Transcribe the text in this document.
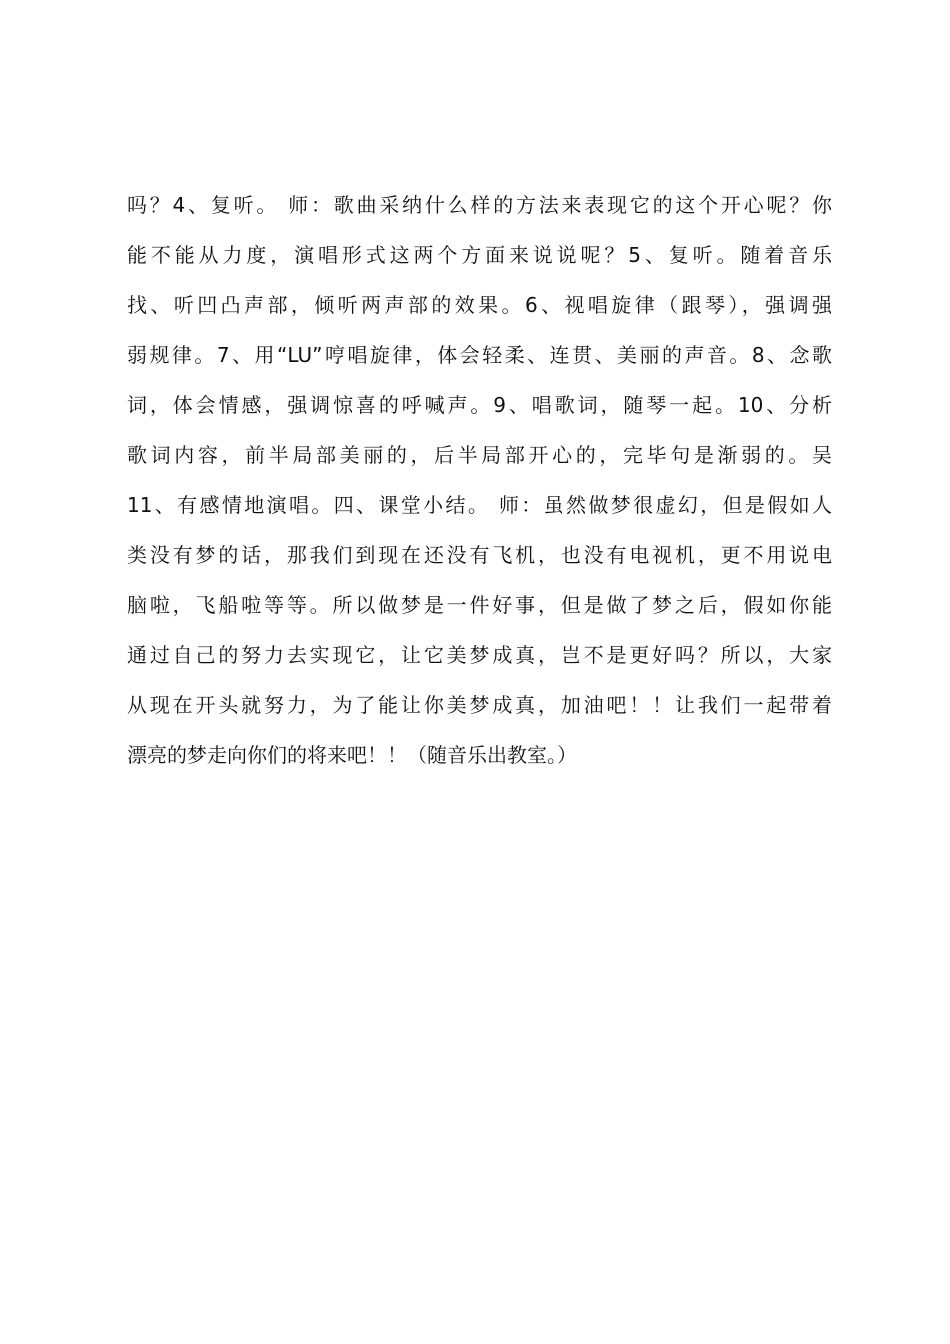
吗？4、复听。 师：歌曲采纳什么样的方法来表现它的这个开心呢？你
能不能从力度，演唱形式这两个方面来说说呢？5、复听。随着音乐
找、听凹凸声部，倾听两声部的效果。6、视唱旋律（跟琴），强调强
弱规律。7、用“LU”哼唱旋律，体会轻柔、连贯、美丽的声音。8、念歌
词，体会情感，强调惊喜的呼喊声。9、唱歌词，随琴一起。10、分析
歌词内容，前半局部美丽的，后半局部开心的，完毕句是渐弱的。吴
11、有感情地演唱。四、课堂小结。 师：虽然做梦很虚幻，但是假如人
类没有梦的话，那我们到现在还没有飞机，也没有电视机，更不用说电
脑啦，飞船啦等等。所以做梦是一件好事，但是做了梦之后，假如你能
通过自己的努力去实现它，让它美梦成真，岂不是更好吗？所以，大家
从现在开头就努力，为了能让你美梦成真，加油吧！！让我们一起带着
漂亮的梦走向你们的将来吧！！（随音乐出教室。）
